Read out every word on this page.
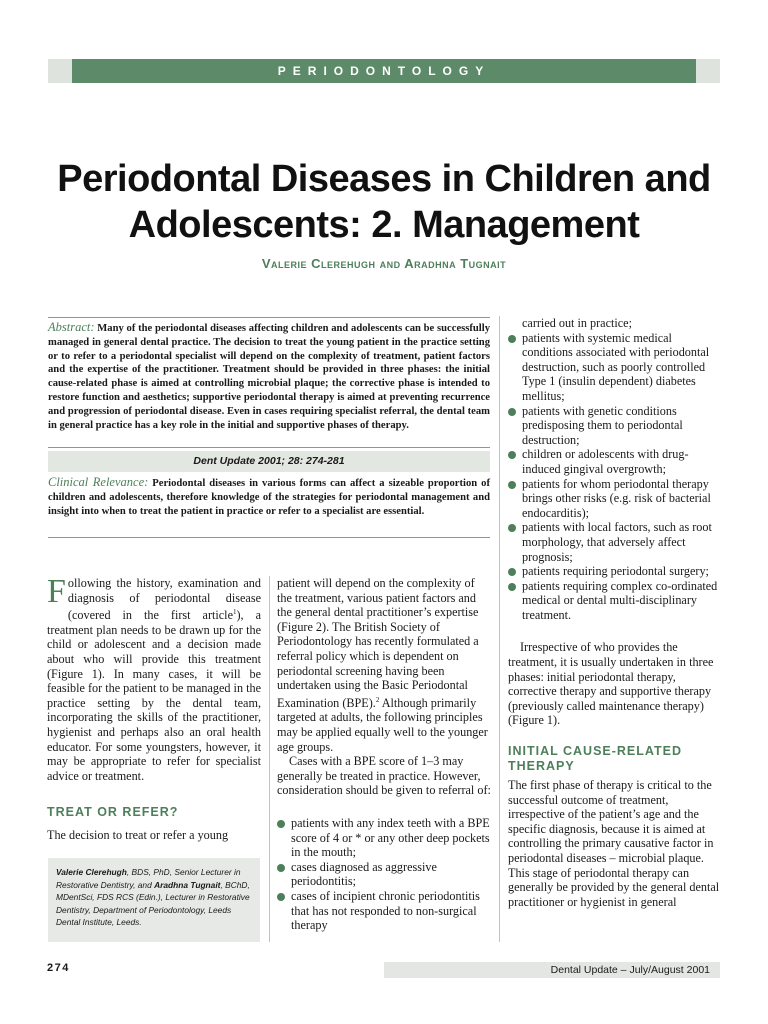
PERIODONTOLOGY
Periodontal Diseases in Children and
Adolescents: 2. Management
Valerie Clerehugh and Aradhna Tugnait
Abstract: Many of the periodontal diseases affecting children and adolescents can be successfully managed in general dental practice. The decision to treat the young patient in the practice setting or to refer to a periodontal specialist will depend on the complexity of treatment, patient factors and the expertise of the practitioner. Treatment should be provided in three phases: the initial cause-related phase is aimed at controlling microbial plaque; the corrective phase is intended to restore function and aesthetics; supportive periodontal therapy is aimed at preventing recurrence and progression of periodontal disease. Even in cases requiring specialist referral, the dental team in general practice has a key role in the initial and supportive phases of therapy.
Dent Update 2001; 28: 274-281
Clinical Relevance: Periodontal diseases in various forms can affect a sizeable proportion of children and adolescents, therefore knowledge of the strategies for periodontal management and insight into when to treat the patient in practice or refer to a specialist are essential.

Following the history, examination and diagnosis of periodontal disease (covered in the first article$^1$), a treatment plan needs to be drawn up for the child or adolescent and a decision made about who will provide this treatment (Figure 1). In many cases, it will be feasible for the patient to be managed in the practice setting by the dental team, incorporating the skills of the practitioner, hygienist and perhaps also an oral health educator. For some youngsters, however, it may be appropriate to refer for specialist advice or treatment.

TREAT OR REFER?

The decision to treat or refer a young

Valerie Clerehugh, BDS, PhD, Senior Lecturer in Restorative Dentistry, and Aradhna Tugnait, BChD, MDentSci, FDS RCS (Edin.), Lecturer in Restorative Dentistry, Department of Periodontology, Leeds Dental Institute, Leeds.

patient will depend on the complexity of the treatment, various patient factors and the general dental practitioner’s expertise (Figure 2). The British Society of Periodontology has recently formulated a referral policy which is dependent on periodontal screening having been undertaken using the Basic Periodontal Examination (BPE).$^2$ Although primarily targeted at adults, the following principles may be applied equally well to the younger age groups.

Cases with a BPE score of 1–3 may generally be treated in practice. However, consideration should be given to referral of:

patients with any index teeth with a BPE score of 4 or * or any other deep pockets in the mouth;
cases diagnosed as aggressive periodontitis;
cases of incipient chronic periodontitis that has not responded to non-surgical therapy
carried out in practice;
patients with systemic medical conditions associated with periodontal destruction, such as poorly controlled Type 1 (insulin dependent) diabetes mellitus;
patients with genetic conditions predisposing them to periodontal destruction;
children or adolescents with drug-induced gingival overgrowth;
patients for whom periodontal therapy brings other risks (e.g. risk of bacterial endocarditis);
patients with local factors, such as root morphology, that adversely affect prognosis;
patients requiring periodontal surgery;
patients requiring complex co-ordinated medical or dental multi-disciplinary treatment.

Irrespective of who provides the treatment, it is usually undertaken in three phases: initial periodontal therapy, corrective therapy and supportive therapy (previously called maintenance therapy) (Figure 1).

INITIAL CAUSE-RELATED THERAPY

The first phase of therapy is critical to the successful outcome of treatment, irrespective of the patient’s age and the specific diagnosis, because it is aimed at controlling the primary causative factor in periodontal diseases – microbial plaque. This stage of periodontal therapy can generally be provided by the general dental practitioner or hygienist in general

274	Dental Update – July/August 2001
